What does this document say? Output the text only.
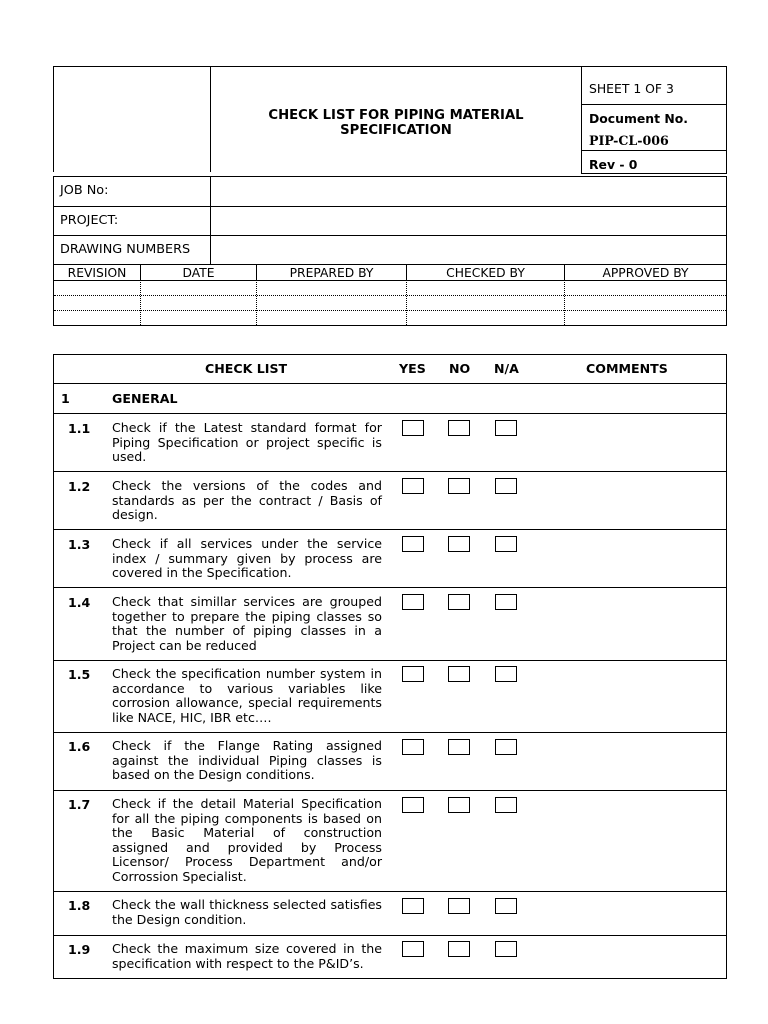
CHECK LIST FOR PIPING MATERIAL
SPECIFICATION
SHEET 1 OF 3
Document No.
PIP-CL-006
Rev - 0
JOB No:
PROJECT:
DRAWING NUMBERS
REVISION	DATE	PREPARED BY	CHECKED BY	APPROVED BY
CHECK LIST	YES NO N/A	COMMENTS
1	GENERAL
1.1 Check if the Latest standard format for Piping Specification or project specific is used.
1.2 Check the versions of the codes and standards as per the contract / Basis of design.
1.3 Check if all services under the service index / summary given by process are covered in the Specification.
1.4 Check that simillar services are grouped together to prepare the piping classes so that the number of piping classes in a Project can be reduced
1.5 Check the specification number system in accordance to various variables like corrosion allowance, special requirements like NACE, HIC, IBR etc….
1.6 Check if the Flange Rating assigned against the individual Piping classes is based on the Design conditions.
1.7 Check if the detail Material Specification for all the piping components is based on the Basic Material of construction assigned and provided by Process Licensor/ Process Department and/or Corrossion Specialist.
1.8 Check the wall thickness selected satisfies the Design condition.
1.9 Check the maximum size covered in the specification with respect to the P&ID’s.
